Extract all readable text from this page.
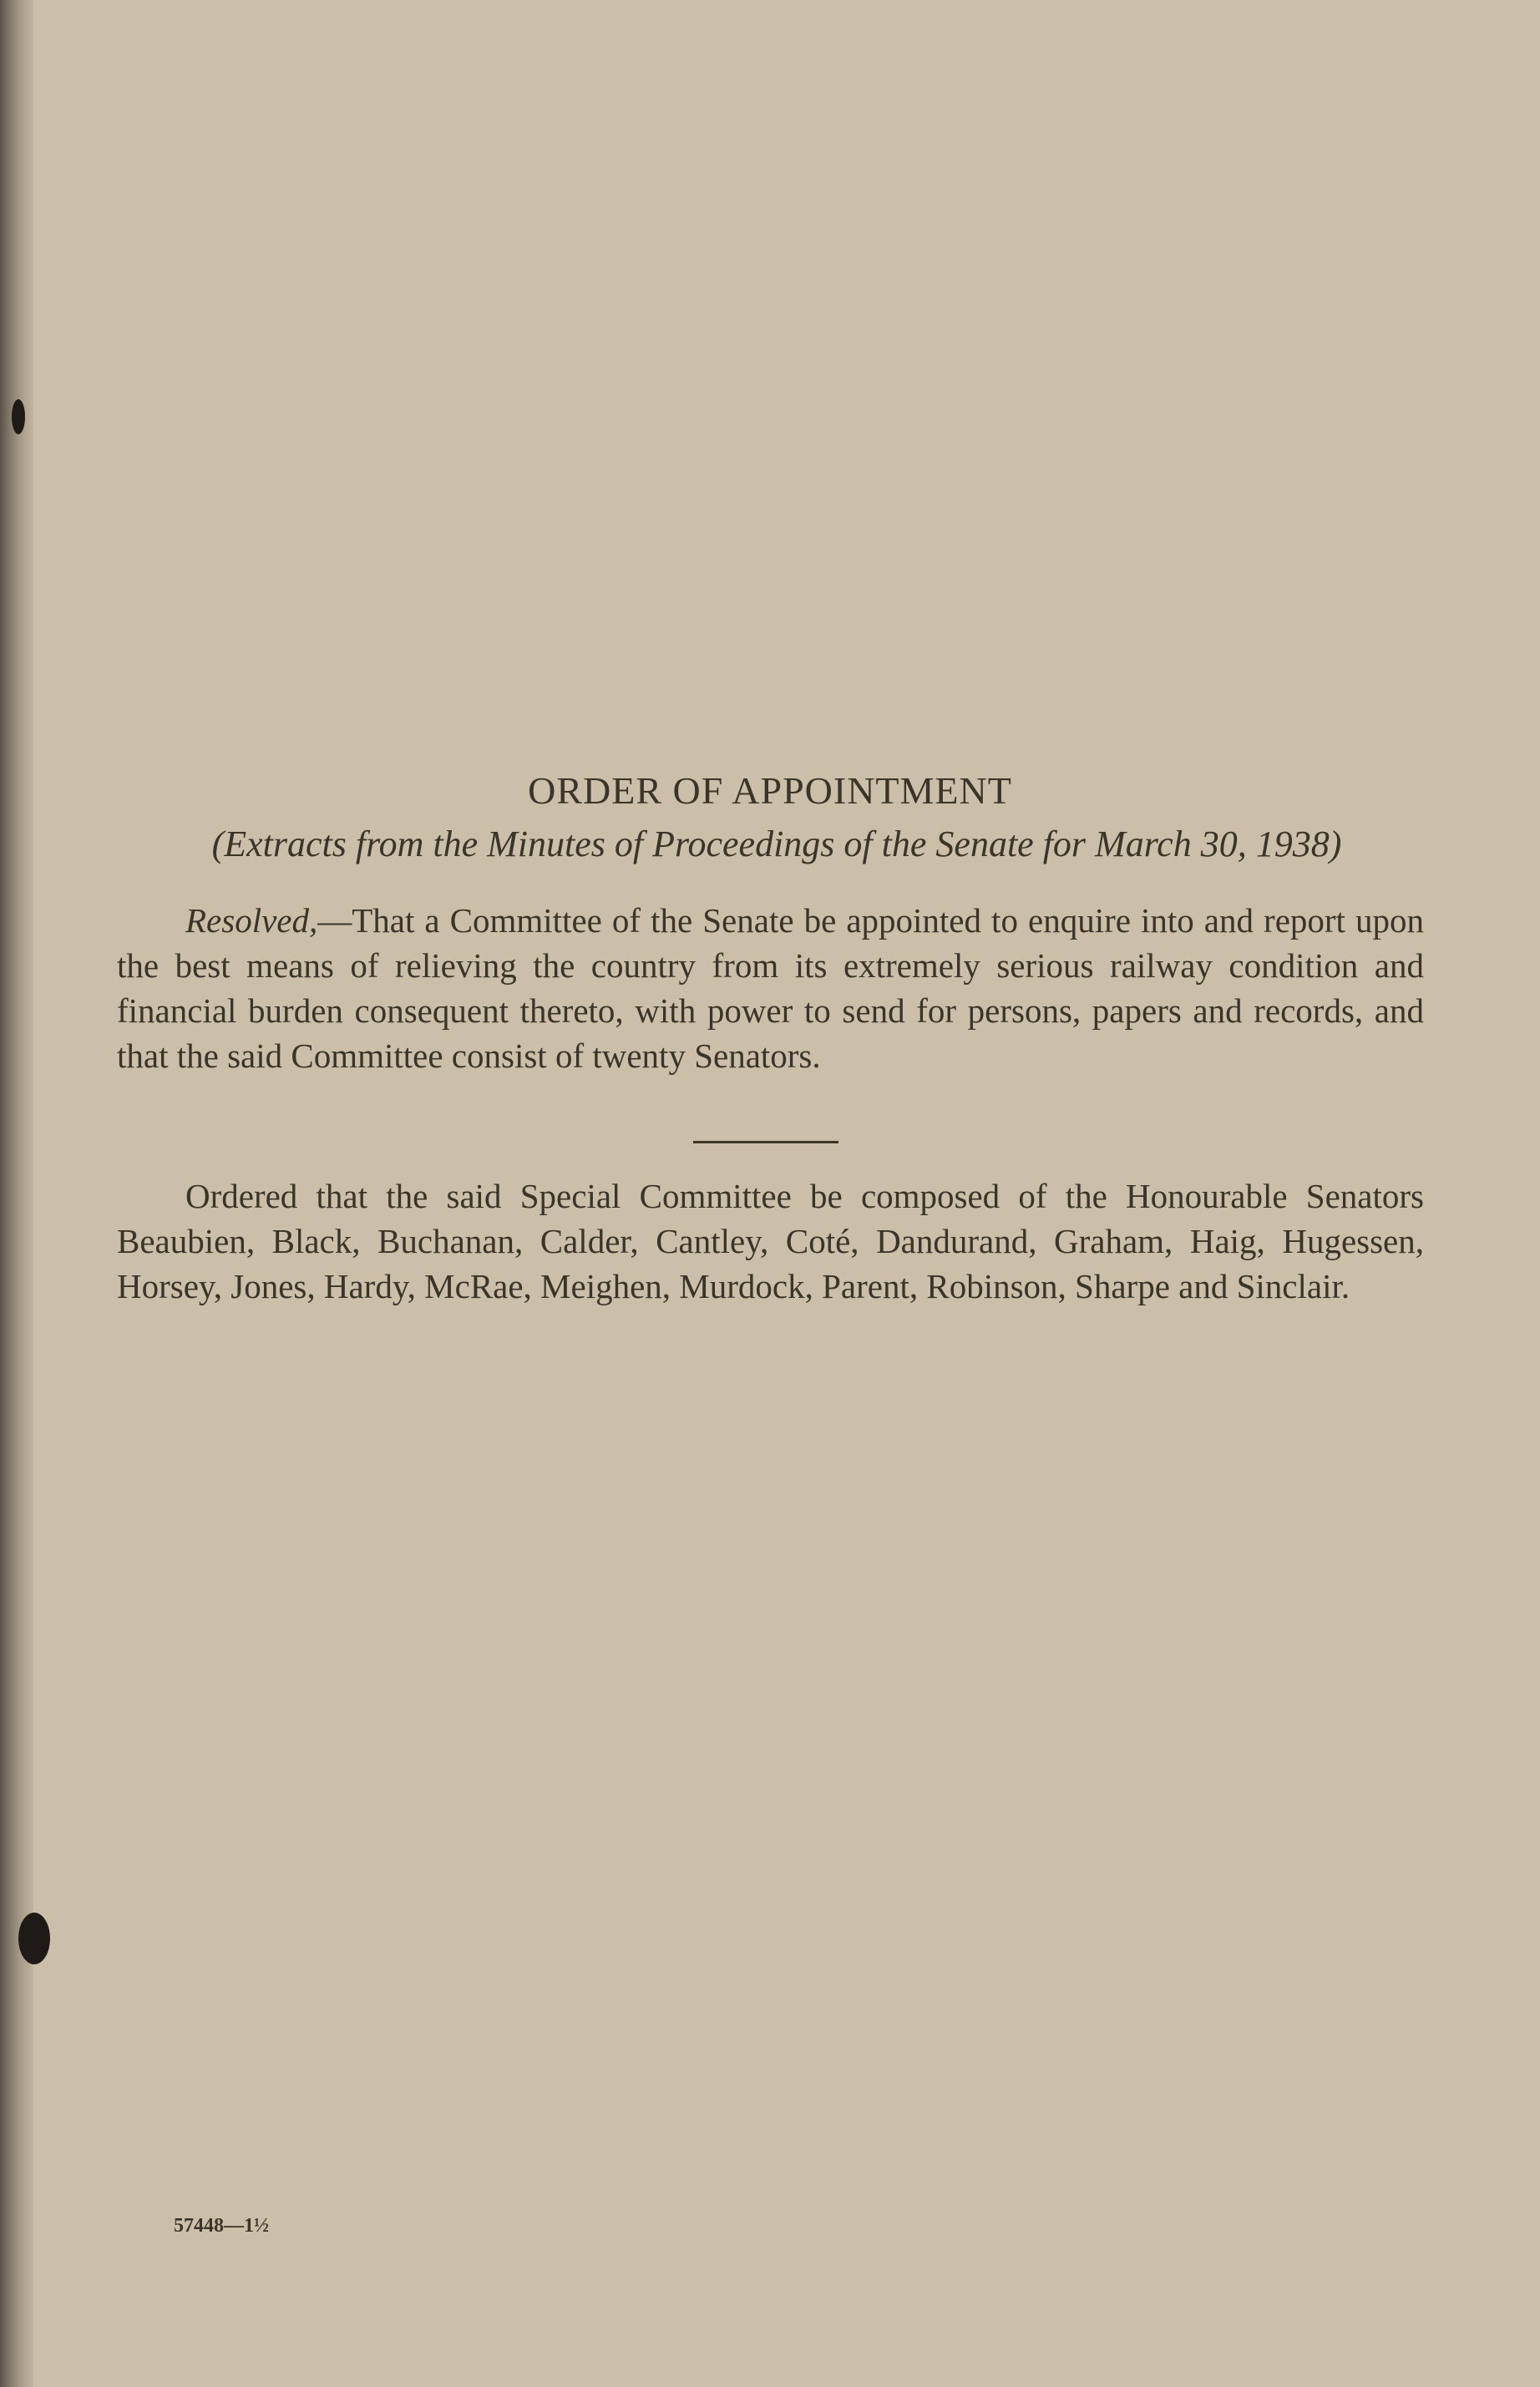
ORDER OF APPOINTMENT
(Extracts from the Minutes of Proceedings of the Senate for March 30, 1938)
Resolved,—That a Committee of the Senate be appointed to enquire into and report upon the best means of relieving the country from its extremely serious railway condition and financial burden consequent thereto, with power to send for persons, papers and records, and that the said Committee consist of twenty Senators.
Ordered that the said Special Committee be composed of the Honourable Senators Beaubien, Black, Buchanan, Calder, Cantley, Coté, Dandurand, Graham, Haig, Hugessen, Horsey, Jones, Hardy, McRae, Meighen, Murdock, Parent, Robinson, Sharpe and Sinclair.
57448—1½
